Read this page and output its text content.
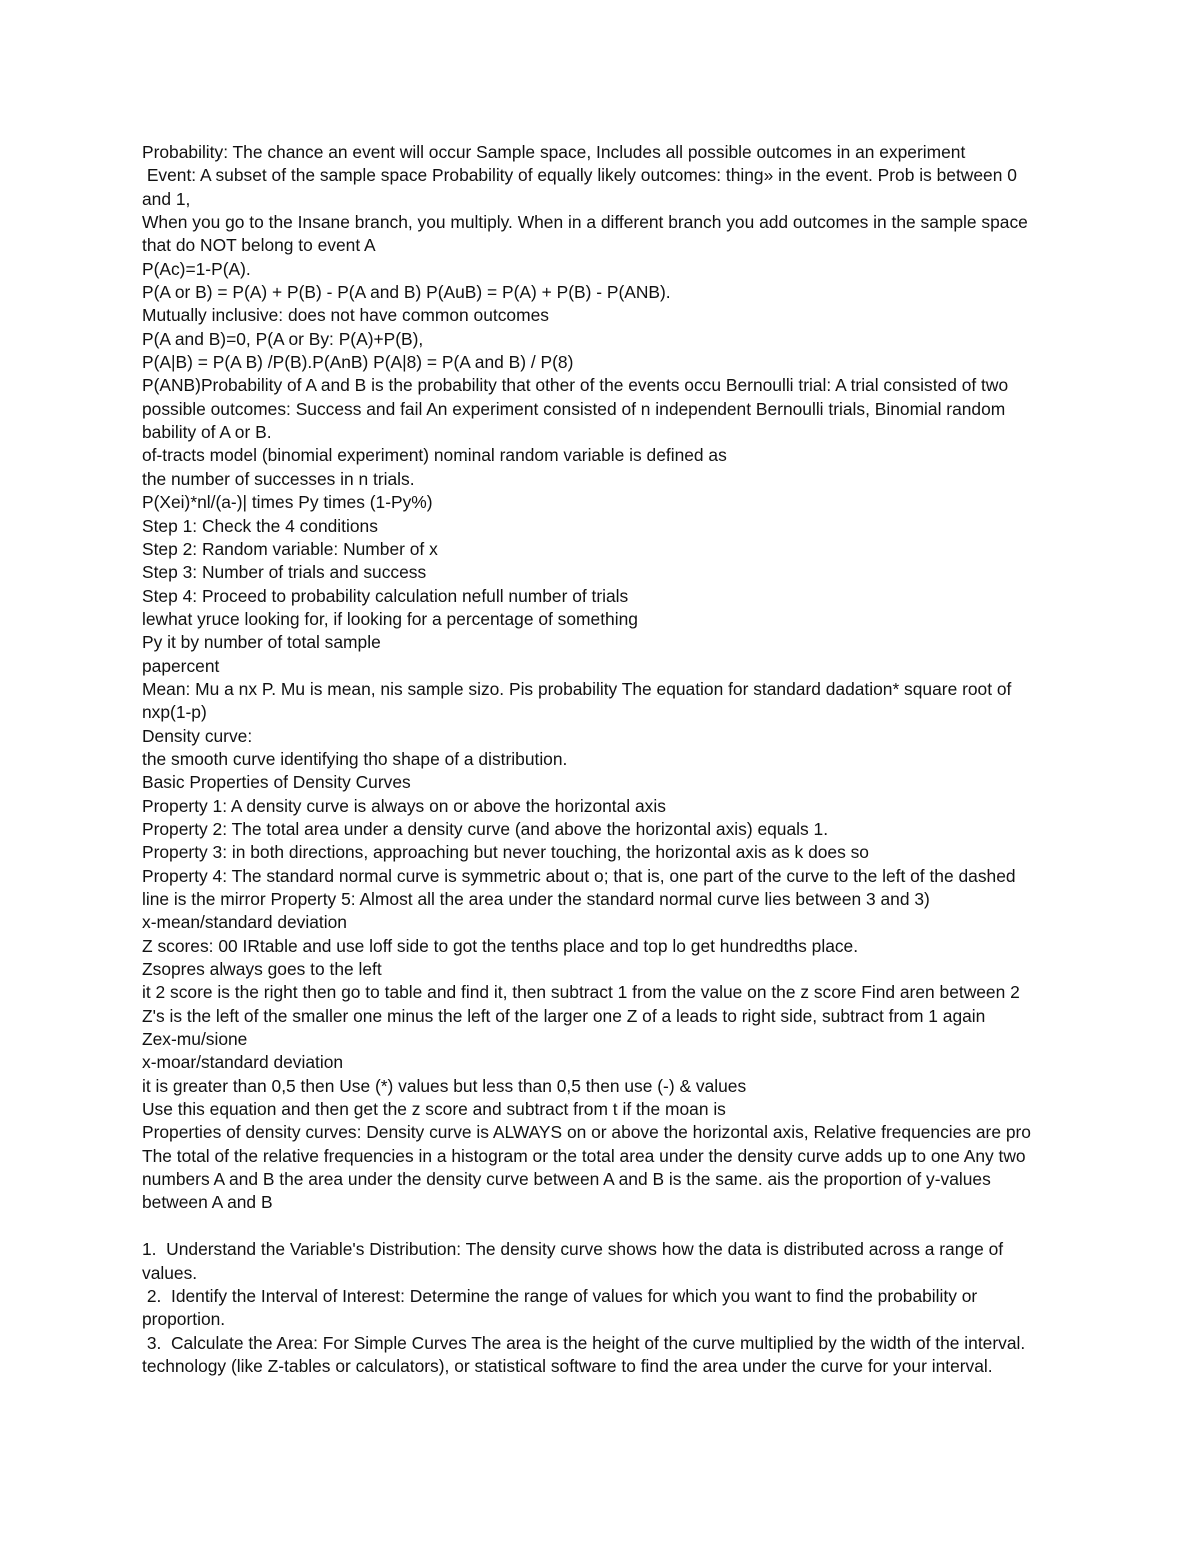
Probability: The chance an event will occur Sample space, Includes all possible outcomes in an experiment
Event: A subset of the sample space Probability of equally likely outcomes: thing» in the event. Prob is between 0
and 1,
When you go to the Insane branch, you multiply. When in a different branch you add outcomes in the sample space
that do NOT belong to event A
P(Ac)=1-P(A).
P(A or B) = P(A) + P(B) - P(A and B) P(AuB) = P(A) + P(B) - P(ANB).
Mutually inclusive: does not have common outcomes
P(A and B)=0, P(A or By: P(A)+P(B),
P(A|B) = P(A B) /P(B).P(AnB) P(A|8) = P(A and B) / P(8)
P(ANB)Probability of A and B is the probability that other of the events occu Bernoulli trial: A trial consisted of two
possible outcomes: Success and fail An experiment consisted of n independent Bernoulli trials, Binomial random
bability of A or B.
of-tracts model (binomial experiment) nominal random variable is defined as
the number of successes in n trials.
P(Xei)*nl/(a-)| times Py times (1-Py%)
Step 1: Check the 4 conditions
Step 2: Random variable: Number of x
Step 3: Number of trials and success
Step 4: Proceed to probability calculation nefull number of trials
lewhat yruce looking for, if looking for a percentage of something
Py it by number of total sample
papercent
Mean: Mu a nx P. Mu is mean, nis sample sizo. Pis probability The equation for standard dadation* square root of
nxp(1-p)
Density curve:
the smooth curve identifying tho shape of a distribution.
Basic Properties of Density Curves
Property 1: A density curve is always on or above the horizontal axis
Property 2: The total area under a density curve (and above the horizontal axis) equals 1.
Property 3: in both directions, approaching but never touching, the horizontal axis as k does so
Property 4: The standard normal curve is symmetric about o; that is, one part of the curve to the left of the dashed
line is the mirror Property 5: Almost all the area under the standard normal curve lies between 3 and 3)
x-mean/standard deviation
Z scores: 00 IRtable and use loff side to got the tenths place and top lo get hundredths place.
Zsopres always goes to the left
it 2 score is the right then go to table and find it, then subtract 1 from the value on the z score Find aren between 2
Z's is the left of the smaller one minus the left of the larger one Z of a leads to right side, subtract from 1 again
Zex-mu/sione
x-moar/standard deviation
it is greater than 0,5 then Use (*) values but less than 0,5 then use (-) & values
Use this equation and then get the z score and subtract from t if the moan is
Properties of density curves: Density curve is ALWAYS on or above the horizontal axis, Relative frequencies are pro
The total of the relative frequencies in a histogram or the total area under the density curve adds up to one Any two
numbers A and B the area under the density curve between A and B is the same. ais the proportion of y-values
between A and B
1.  Understand the Variable's Distribution: The density curve shows how the data is distributed across a range of
values.
2.  Identify the Interval of Interest: Determine the range of values for which you want to find the probability or
proportion.
3.  Calculate the Area: For Simple Curves The area is the height of the curve multiplied by the width of the interval.
technology (like Z-tables or calculators), or statistical software to find the area under the curve for your interval.
